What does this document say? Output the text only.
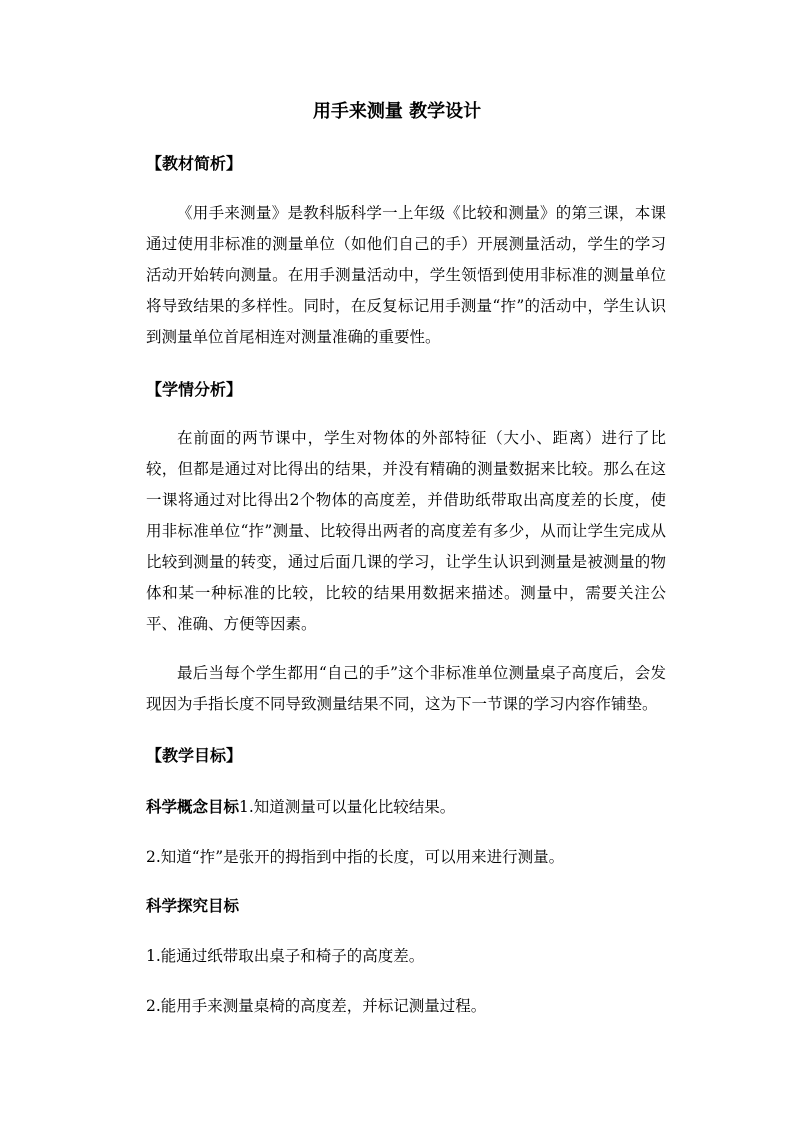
用手来测量 教学设计
【教材简析】
《用手来测量》是教科版科学一上年级《比较和测量》的第三课，本课通过使用非标准的测量单位（如他们自己的手）开展测量活动，学生的学习活动开始转向测量。在用手测量活动中，学生领悟到使用非标准的测量单位将导致结果的多样性。同时，在反复标记用手测量“拃”的活动中，学生认识到测量单位首尾相连对测量准确的重要性。
【学情分析】
在前面的两节课中，学生对物体的外部特征（大小、距离）进行了比较，但都是通过对比得出的结果，并没有精确的测量数据来比较。那么在这一课将通过对比得出2个物体的高度差，并借助纸带取出高度差的长度，使用非标准单位“拃”测量、比较得出两者的高度差有多少，从而让学生完成从比较到测量的转变，通过后面几课的学习，让学生认识到测量是被测量的物体和某一种标准的比较，比较的结果用数据来描述。测量中，需要关注公平、准确、方便等因素。
最后当每个学生都用“自己的手”这个非标准单位测量桌子高度后，会发现因为手指长度不同导致测量结果不同，这为下一节课的学习内容作铺垫。
【教学目标】
科学概念目标1.知道测量可以量化比较结果。
2.知道“拃”是张开的拇指到中指的长度，可以用来进行测量。
科学探究目标
1.能通过纸带取出桌子和椅子的高度差。
2.能用手来测量桌椅的高度差，并标记测量过程。
